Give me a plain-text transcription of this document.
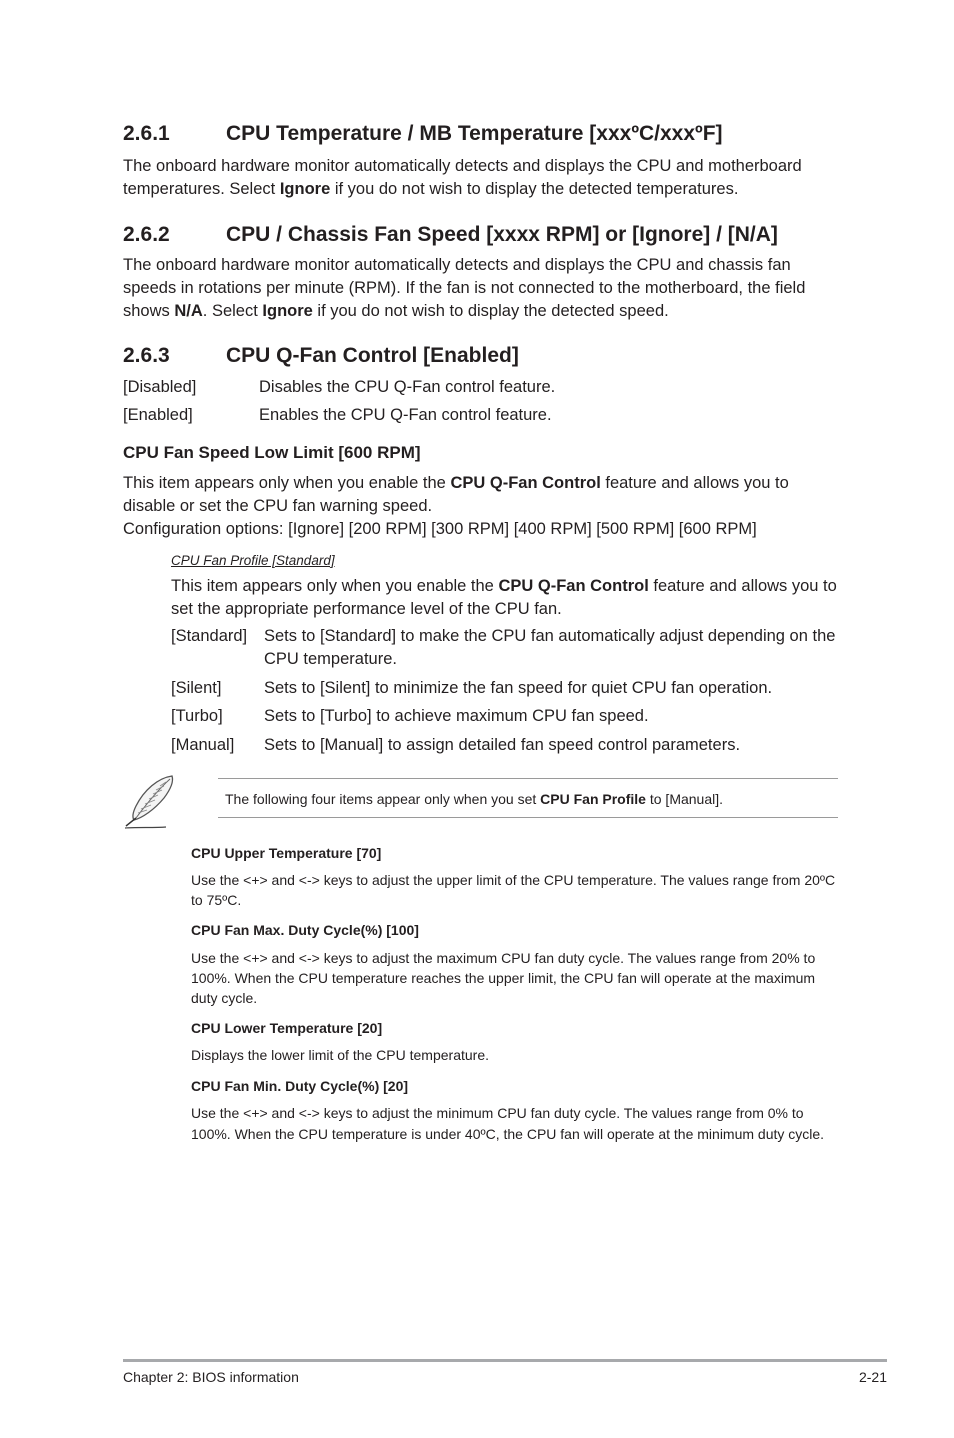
2.6.1	CPU Temperature / MB Temperature [xxxºC/xxxºF]
The onboard hardware monitor automatically detects and displays the CPU and motherboard temperatures. Select Ignore if you do not wish to display the detected temperatures.
2.6.2	CPU / Chassis Fan Speed [xxxx RPM] or [Ignore] / [N/A]
The onboard hardware monitor automatically detects and displays the CPU and chassis fan speeds in rotations per minute (RPM). If the fan is not connected to the motherboard, the field shows N/A. Select Ignore if you do not wish to display the detected speed.
2.6.3	CPU Q-Fan Control [Enabled]
[Disabled]	Disables the CPU Q-Fan control feature.
[Enabled]	Enables the CPU Q-Fan control feature.
CPU Fan Speed Low Limit [600 RPM]
This item appears only when you enable the CPU Q-Fan Control feature and allows you to disable or set the CPU fan warning speed.
Configuration options: [Ignore] [200 RPM] [300 RPM] [400 RPM] [500 RPM] [600 RPM]
CPU Fan Profile [Standard]
This item appears only when you enable the CPU Q-Fan Control feature and allows you to set the appropriate performance level of the CPU fan.
[Standard] Sets to [Standard] to make the CPU fan automatically adjust depending on the CPU temperature.
[Silent]	Sets to [Silent] to minimize the fan speed for quiet CPU fan operation.
[Turbo]	Sets to [Turbo] to achieve maximum CPU fan speed.
[Manual] Sets to [Manual] to assign detailed fan speed control parameters.
The following four items appear only when you set CPU Fan Profile to [Manual].
CPU Upper Temperature [70]
Use the <+> and <-> keys to adjust the upper limit of the CPU temperature. The values range from 20ºC to 75ºC.
CPU Fan Max. Duty Cycle(%) [100]
Use the <+> and <-> keys to adjust the maximum CPU fan duty cycle. The values range from 20% to 100%. When the CPU temperature reaches the upper limit, the CPU fan will operate at the maximum duty cycle.
CPU Lower Temperature [20]
Displays the lower limit of the CPU temperature.
CPU Fan Min. Duty Cycle(%) [20]
Use the <+> and <-> keys to adjust the minimum CPU fan duty cycle. The values range from 0% to 100%. When the CPU temperature is under 40ºC, the CPU fan will operate at the minimum duty cycle.
Chapter 2: BIOS information	2-21
